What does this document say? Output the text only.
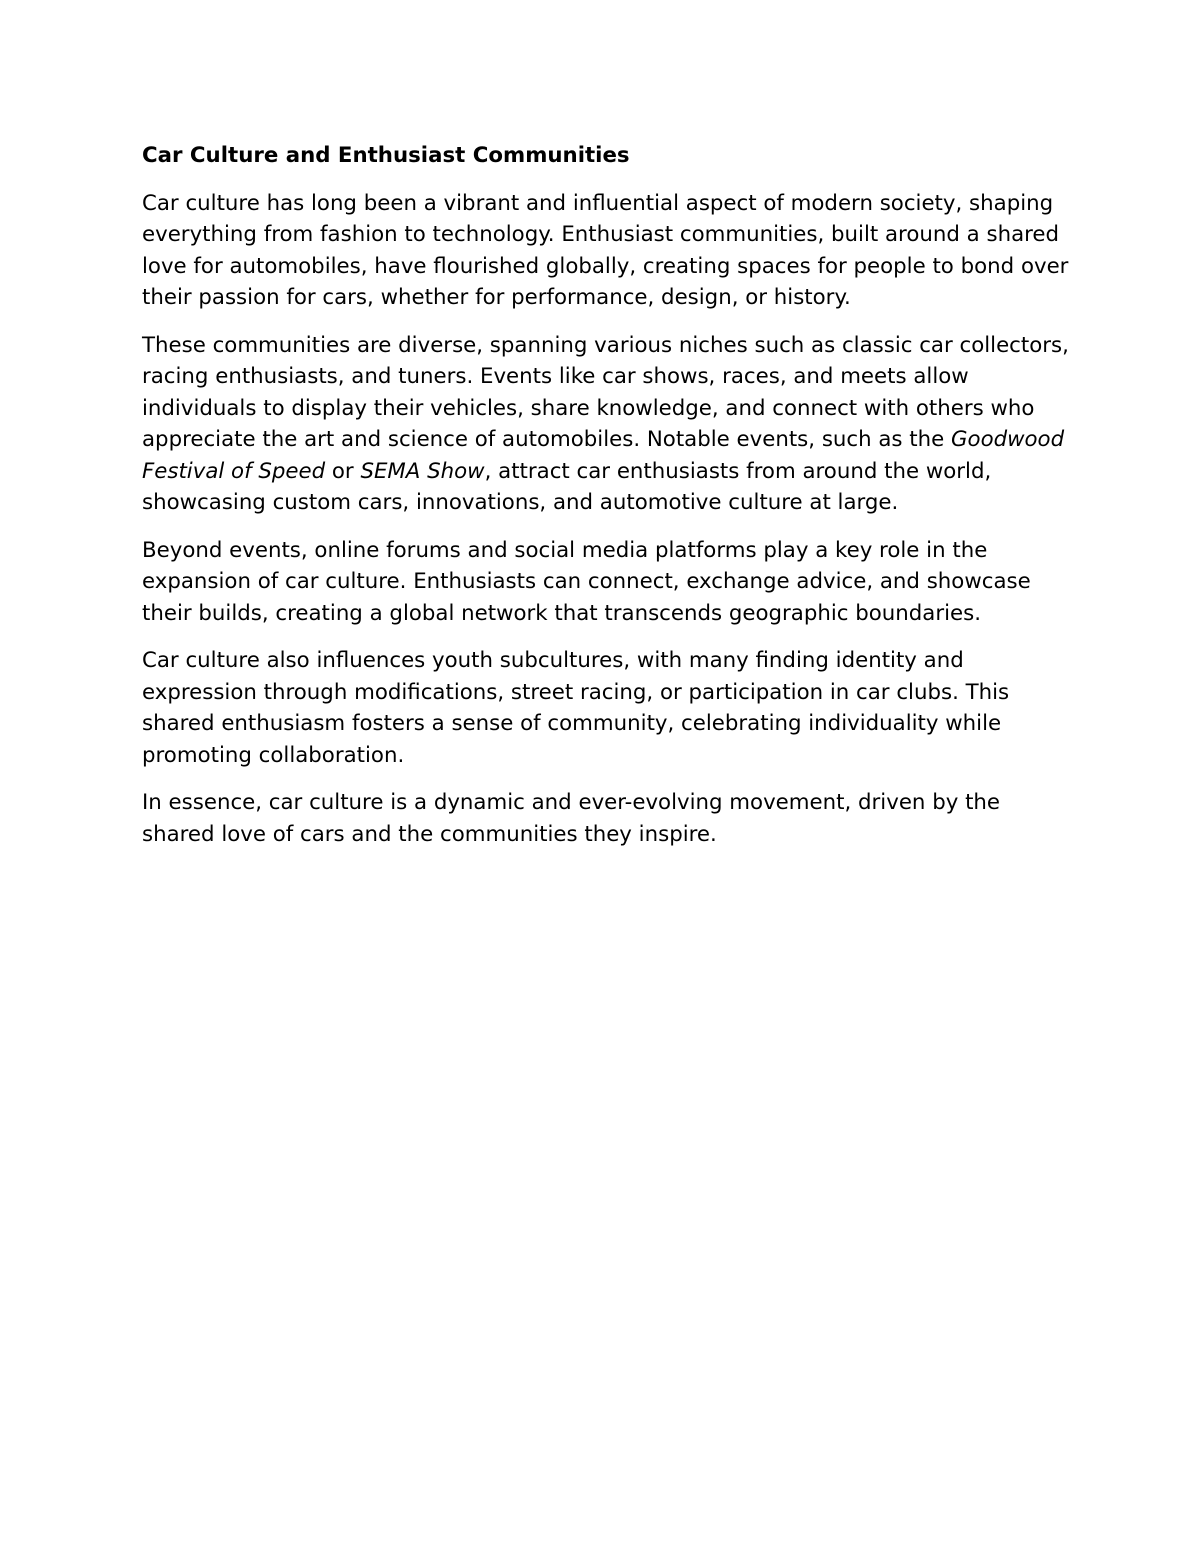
Car Culture and Enthusiast Communities

Car culture has long been a vibrant and influential aspect of modern society, shaping everything from fashion to technology. Enthusiast communities, built around a shared love for automobiles, have flourished globally, creating spaces for people to bond over their passion for cars, whether for performance, design, or history.

These communities are diverse, spanning various niches such as classic car collectors, racing enthusiasts, and tuners. Events like car shows, races, and meets allow individuals to display their vehicles, share knowledge, and connect with others who appreciate the art and science of automobiles. Notable events, such as the Goodwood Festival of Speed or SEMA Show, attract car enthusiasts from around the world, showcasing custom cars, innovations, and automotive culture at large.

Beyond events, online forums and social media platforms play a key role in the expansion of car culture. Enthusiasts can connect, exchange advice, and showcase their builds, creating a global network that transcends geographic boundaries.

Car culture also influences youth subcultures, with many finding identity and expression through modifications, street racing, or participation in car clubs. This shared enthusiasm fosters a sense of community, celebrating individuality while promoting collaboration.

In essence, car culture is a dynamic and ever-evolving movement, driven by the shared love of cars and the communities they inspire.
